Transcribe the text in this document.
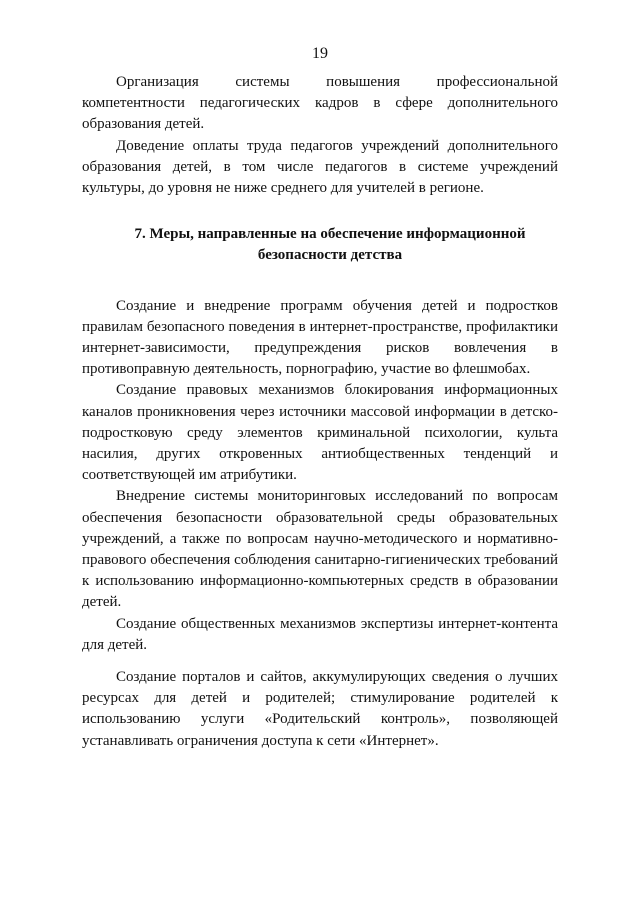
19

Организация системы повышения профессиональной компетентности педагогических кадров в сфере дополнительного образования детей.

Доведение оплаты труда педагогов учреждений дополнительного образования детей, в том числе педагогов в системе учреждений культуры, до уровня не ниже среднего для учителей в регионе.

7. Меры, направленные на обеспечение информационной

безопасности детства

Создание и внедрение программ обучения детей и подростков правилам безопасного поведения в интернет-пространстве, профилактики интернет-зависимости, предупреждения рисков вовлечения в противоправную деятельность, порнографию, участие во флешмобах.

Создание правовых механизмов блокирования информационных каналов проникновения через источники массовой информации в детско-подростковую среду элементов криминальной психологии, культа насилия, других откровенных антиобщественных тенденций и соответствующей им атрибутики.

Внедрение системы мониторинговых исследований по вопросам обеспечения безопасности образовательной среды образовательных учреждений, а также по вопросам научно-методического и нормативно-правового обеспечения соблюдения санитарно-гигиенических требований к использованию информационно-компьютерных средств в образовании детей.

Создание общественных механизмов экспертизы интернет-контента для детей.

Создание порталов и сайтов, аккумулирующих сведения о лучших ресурсах для детей и родителей; стимулирование родителей к использованию услуги «Родительский контроль», позволяющей устанавливать ограничения доступа к сети «Интернет».
